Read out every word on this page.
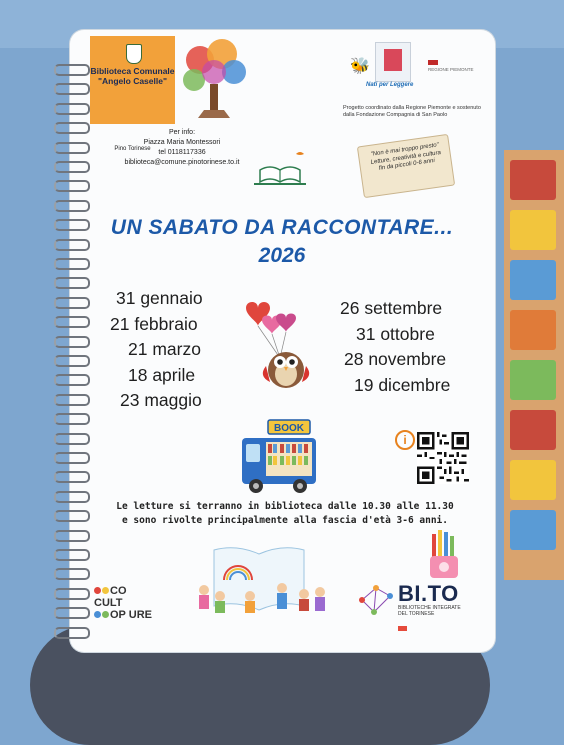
Biblioteca Comunale "Angelo Caselle"
Pino Torinese
🐝
Nati per Leggere
REGIONE PIEMONTE
Progetto coordinato dalla Regione Piemonte e sostenuto dalla Fondazione Compagnia di San Paolo
Per info:
Piazza Maria Montessori
tel 0118117336
biblioteca@comune.pinotorinese.to.it
"Non è mai troppo presto" Letture, creatività e cultura fin da piccoli 0-6 anni
UN SABATO DA RACCONTARE...
2026
31 gennaio
21 febbraio
21 marzo
18 aprile
23 maggio
26 settembre
31 ottobre
28 novembre
19 dicembre
BOOK
i
Le letture si terranno in biblioteca dalle 10.30 alle 11.30
e sono rivolte principalmente alla fascia d'età 3-6 anni.
CO CULT
OP URE
BI.TO
BIBLIOTECHE INTEGRATE
DEL TORINESE
